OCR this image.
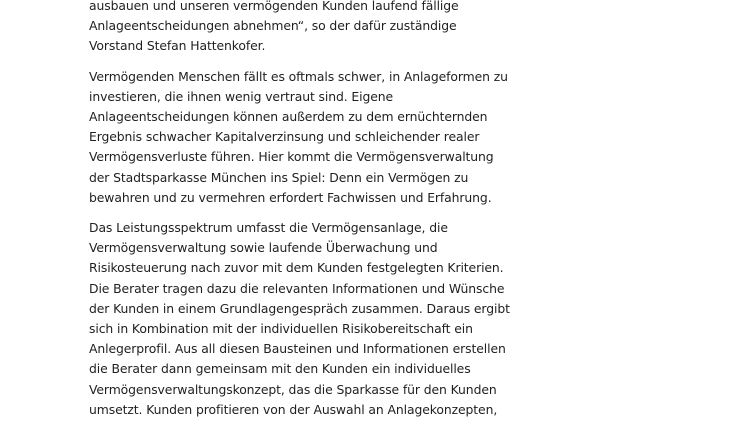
ausbauen und unseren vermögenden Kunden laufend fällige
Anlageentscheidungen abnehmen“, so der dafür zuständige
Vorstand Stefan Hattenkofer.

Vermögenden Menschen fällt es oftmals schwer, in Anlageformen zu
investieren, die ihnen wenig vertraut sind. Eigene
Anlageentscheidungen können außerdem zu dem ernüchternden
Ergebnis schwacher Kapitalverzinsung und schleichender realer
Vermögensverluste führen. Hier kommt die Vermögensverwaltung
der Stadtsparkasse München ins Spiel: Denn ein Vermögen zu
bewahren und zu vermehren erfordert Fachwissen und Erfahrung.

Das Leistungsspektrum umfasst die Vermögensanlage, die
Vermögensverwaltung sowie laufende Überwachung und
Risikosteuerung nach zuvor mit dem Kunden festgelegten Kriterien.
Die Berater tragen dazu die relevanten Informationen und Wünsche
der Kunden in einem Grundlagengespräch zusammen. Daraus ergibt
sich in Kombination mit der individuellen Risikobereitschaft ein
Anlegerprofil. Aus all diesen Bausteinen und Informationen erstellen
die Berater dann gemeinsam mit den Kunden ein individuelles
Vermögensverwaltungskonzept, das die Sparkasse für den Kunden
umsetzt. Kunden profitieren von der Auswahl an Anlagekonzepten,
